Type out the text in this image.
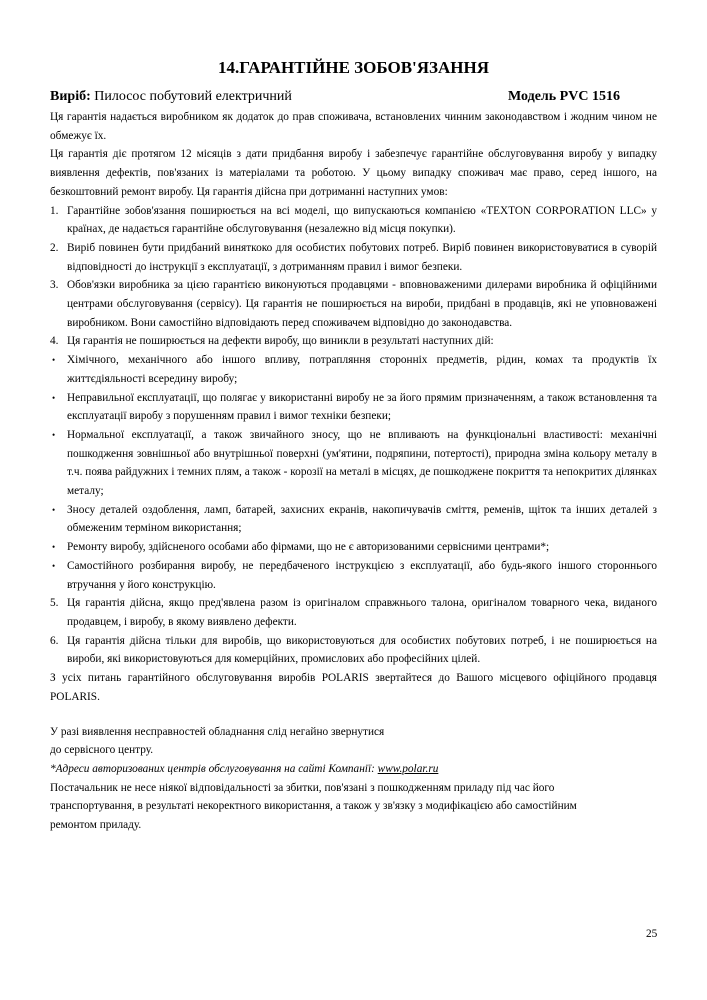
14.ГАРАНТІЙНЕ ЗОБОВ'ЯЗАННЯ
Виріб: Пилосос побутовий електричний	Модель PVC 1516

Ця гарантія надається виробником як додаток до прав споживача, встановлених чинним законодавством і жодним чином не обмежує їх.

Ця гарантія діє протягом 12 місяців з дати придбання виробу і забезпечує гарантійне обслуговування виробу у випадку виявлення дефектів, пов'язаних із матеріалами та роботою. У цьому випадку споживач має право, серед іншого, на безкоштовний ремонт виробу. Ця гарантія дійсна при дотриманні наступних умов:

1. Гарантійне зобов'язання поширюється на всі моделі, що випускаються компанією «TEXTON CORPORATION LLC» у країнах, де надається гарантійне обслуговування (незалежно від місця покупки).
2. Виріб повинен бути придбаний виняткоко для особистих побутових потреб. Виріб повинен використовуватися в суворій відповідності до інструкції з експлуатації, з дотриманням правил і вимог безпеки.
3. Обов'язки виробника за цією гарантією виконуються продавцями - вповноваженими дилерами виробника й офіційними центрами обслуговування (сервісу). Ця гарантія не поширюється на вироби, придбані в продавців, які не уповноважені виробником. Вони самостійно відповідають перед споживачем відповідно до законодавства.
4. Ця гарантія не поширюється на дефекти виробу, що виникли в результаті наступних дій:
• Хімічного, механічного або іншого впливу, потрапляння сторонніх предметів, рідин, комах та продуктів їх життєдіяльності всередину виробу;
• Неправильної експлуатації, що полягає у використанні виробу не за його прямим призначенням, а також встановлення та експлуатації виробу з порушенням правил і вимог техніки безпеки;
• Нормальної експлуатації, а також звичайного зносу, що не впливають на функціональні властивості: механічні пошкодження зовнішньої або внутрішньої поверхні (ум'ятини, подряпини, потертості), природна зміна кольору металу в т.ч. поява райдужних і темних плям, а також - корозії на металі в місцях, де пошкоджене покриття та непокритих ділянках металу;
• Зносу деталей оздоблення, ламп, батарей, захисних екранів, накопичувачів сміття, ременів, щіток та інших деталей з обмеженим терміном використання;
• Ремонту виробу, здійсненого особами або фірмами, що не є авторизованими сервісними центрами*;
• Самостійного розбирання виробу, не передбаченого інструкцією з експлуатації, або будь-якого іншого стороннього втручання у його конструкцію.
5. Ця гарантія дійсна, якщо пред'явлена разом із оригіналом справжнього талона, оригіналом товарного чека, виданого продавцем, і виробу, в якому виявлено дефекти.
6. Ця гарантія дійсна тільки для виробів, що використовуються для особистих побутових потреб, і не поширюється на вироби, які використовуються для комерційних, промислових або професійних цілей.

З усіх питань гарантійного обслуговування виробів POLARIS звертайтеся до Вашого місцевого офіційного продавця POLARIS.

У разі виявлення несправностей обладнання слід негайно звернутися

до сервісного центру.

*Адреси авторизованих центрів обслуговування на сайті Компанії: www.polar.ru

Постачальник не несе ніякої відповідальності за збитки, пов'язані з пошкодженням приладу під час його

транспортування, в результаті некоректного використання, а також у зв'язку з модифікацією або самостійним

ремонтом приладу.

25
